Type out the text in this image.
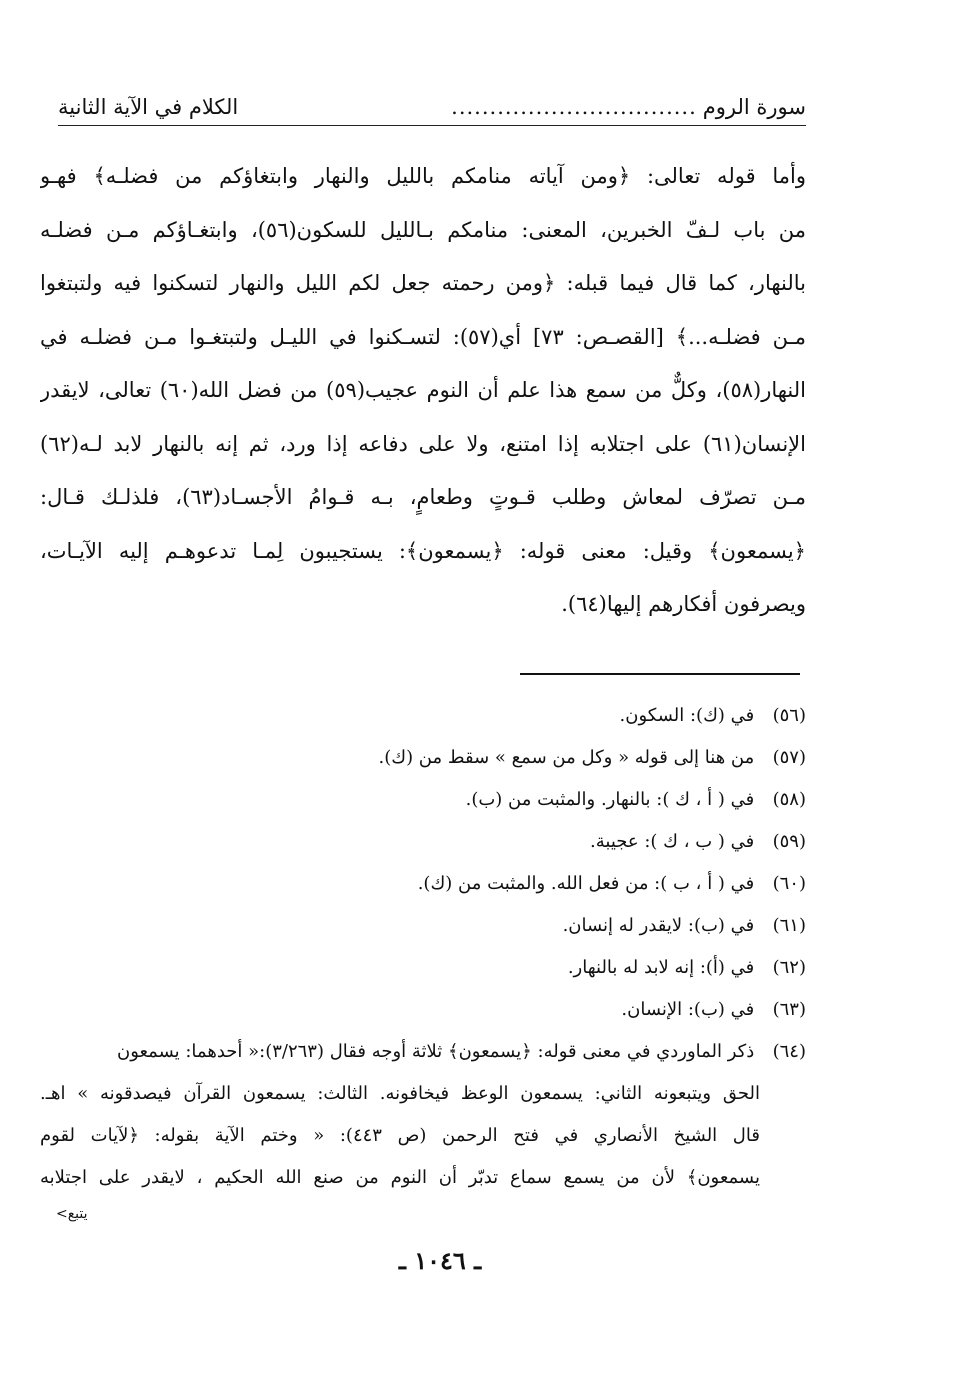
سورة الروم
................................
الكلام في الآية الثانية
وأما قوله تعالى: ﴿ومن آياته منامكم بالليل والنهار وابتغاؤكم من فضلـه﴾ فهـو
من باب لـفّ الخبرين، المعنى: منامكم بـالليل للسكون(٥٦)، وابتغـاؤكم مـن فضلـه
بالنهار، كما قال فيما قبله: ﴿ومن رحمته جعل لكم الليل والنهار لتسكنوا فيه ولتبتغوا
مـن فضلـه...﴾ [القصـص: ٧٣] أي(٥٧): لتسـكنوا في الليـل ولتبتغـوا مـن فضلـه في
النهار(٥٨)، وكلٌّ من سمع هذا علم أن النوم عجيب(٥٩) من فضل الله(٦٠) تعالى، لايقدر
الإنسان(٦١) على اجتلابه إذا امتنع، ولا على دفاعه إذا ورد، ثم إنه بالنهار لابد لـه(٦٢)
مـن تصرّف لمعاش وطلب قـوتٍ وطعامٍ، بـه قـوامُ الأجسـاد(٦٣)، فلذلـك قـال:
﴿يسمعون﴾ وقيل: معنى قوله: ﴿يسمعون﴾: يستجيبون لِمـا تدعوهـم إليه الآيـات،
ويصرفون أفكارهم إليها(٦٤).
(٥٦) في (ك): السكون.
(٥٧) من هنا إلى قوله « وكل من سمع » سقط من (ك).
(٥٨) في ( أ ، ك ): بالنهار. والمثبت من (ب).
(٥٩) في ( ب ، ك ): عجيبة.
(٦٠) في ( أ ، ب ): من فعل الله. والمثبت من (ك).
(٦١) في (ب): لايقدر له إنسان.
(٦٢) في (أ): إنه لابد له بالنهار.
(٦٣) في (ب): الإنسان.
(٦٤) ذكر الماوردي في معنى قوله: ﴿يسمعون﴾ ثلاثة أوجه فقال (٣/٢٦٣):« أحدهما: يسمعون
الحق ويتبعونه الثاني: يسمعون الوعظ فيخافونه. الثالث: يسمعون القرآن فيصدقونه » اهـ.
قال الشيخ الأنصاري في فتح الرحمن (ص ٤٤٣): « وختم الآية بقوله: ﴿لآيات لقوم
يسمعون﴾ لأن من يسمع سماع تدبّر أن النوم من صنع الله الحكيم ، لايقدر على اجتلابه
يتبع>
ـ ١٠٤٦ ـ
